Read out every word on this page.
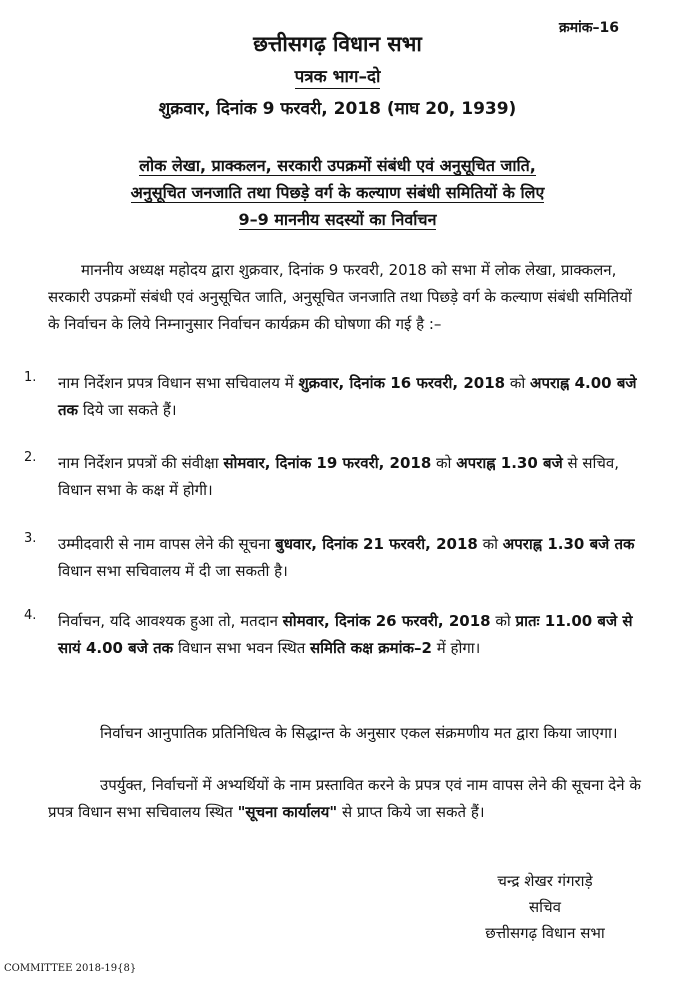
क्रमांक–16
छत्तीसगढ़ विधान सभा
पत्रक भाग–दो
शुक्रवार, दिनांक 9 फरवरी, 2018 (माघ 20, 1939)
लोक लेखा, प्राक्कलन, सरकारी उपक्रमों संबंधी एवं अनुसूचित जाति,
अनुसूचित जनजाति तथा पिछड़े वर्ग के कल्याण संबंधी समितियों के लिए
9–9 माननीय सदस्यों का निर्वाचन
माननीय अध्यक्ष महोदय द्वारा शुक्रवार, दिनांक 9 फरवरी, 2018 को सभा में लोक लेखा, प्राक्कलन, सरकारी उपक्रमों संबंधी एवं अनुसूचित जाति, अनुसूचित जनजाति तथा पिछड़े वर्ग के कल्याण संबंधी समितियों के निर्वाचन के लिये निम्नानुसार निर्वाचन कार्यक्रम की घोषणा की गई है :–
1. नाम निर्देशन प्रपत्र विधान सभा सचिवालय में शुक्रवार, दिनांक 16 फरवरी, 2018 को अपराह्न 4.00 बजे तक दिये जा सकते हैं।
2. नाम निर्देशन प्रपत्रों की संवीक्षा सोमवार, दिनांक 19 फरवरी, 2018 को अपराह्न 1.30 बजे से सचिव, विधान सभा के कक्ष में होगी।
3. उम्मीदवारी से नाम वापस लेने की सूचना बुधवार, दिनांक 21 फरवरी, 2018 को अपराह्न 1.30 बजे तक विधान सभा सचिवालय में दी जा सकती है।
4. निर्वाचन, यदि आवश्यक हुआ तो, मतदान सोमवार, दिनांक 26 फरवरी, 2018 को प्रातः 11.00 बजे से सायं 4.00 बजे तक विधान सभा भवन स्थित समिति कक्ष क्रमांक–2 में होगा।

निर्वाचन आनुपातिक प्रतिनिधित्व के सिद्धान्त के अनुसार एकल संक्रमणीय मत द्वारा किया जाएगा।

उपर्युक्त, निर्वाचनों में अभ्यर्थियों के नाम प्रस्तावित करने के प्रपत्र एवं नाम वापस लेने की सूचना देने के प्रपत्र विधान सभा सचिवालय स्थित "सूचना कार्यालय" से प्राप्त किये जा सकते हैं।

चन्द्र शेखर गंगराड़े
सचिव
छत्तीसगढ़ विधान सभा
COMMITTEE 2018-19{8}
